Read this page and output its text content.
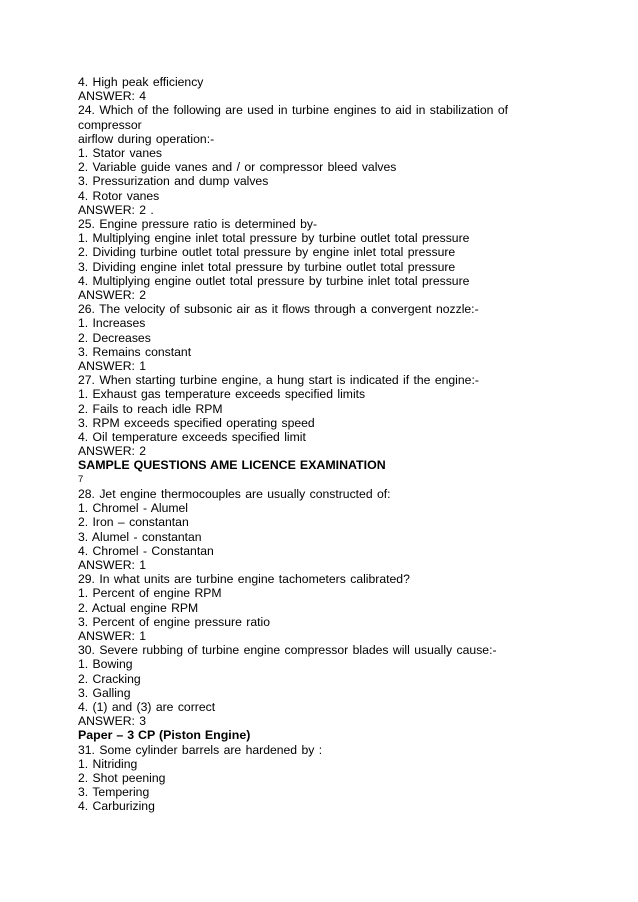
4. High peak efficiency
ANSWER: 4
24. Which of the following are used in turbine engines to aid in stabilization of compressor
airflow during operation:-
1. Stator vanes
2. Variable guide vanes and / or compressor bleed valves
3. Pressurization and dump valves
4. Rotor vanes
ANSWER: 2 .
25. Engine pressure ratio is determined by-
1. Multiplying engine inlet total pressure by turbine outlet total pressure
2. Dividing turbine outlet total pressure by engine inlet total pressure
3. Dividing engine inlet total pressure by turbine outlet total pressure
4. Multiplying engine outlet total pressure by turbine inlet total pressure
ANSWER: 2
26. The velocity of subsonic air as it flows through a convergent nozzle:-
1. Increases
2. Decreases
3. Remains constant
ANSWER: 1
27. When starting turbine engine, a hung start is indicated if the engine:-
1. Exhaust gas temperature exceeds specified limits
2. Fails to reach idle RPM
3. RPM exceeds specified operating speed
4. Oil temperature exceeds specified limit
ANSWER: 2
SAMPLE QUESTIONS AME LICENCE EXAMINATION
7
28. Jet engine thermocouples are usually constructed of:
1. Chromel - Alumel
2. Iron – constantan
3. Alumel - constantan
4. Chromel - Constantan
ANSWER: 1
29. In what units are turbine engine tachometers calibrated?
1. Percent of engine RPM
2. Actual engine RPM
3. Percent of engine pressure ratio
ANSWER: 1
30. Severe rubbing of turbine engine compressor blades will usually cause:-
1. Bowing
2. Cracking
3. Galling
4. (1) and (3) are correct
ANSWER: 3
Paper – 3 CP (Piston Engine)
31. Some cylinder barrels are hardened by :
1. Nitriding
2. Shot peening
3. Tempering
4. Carburizing
